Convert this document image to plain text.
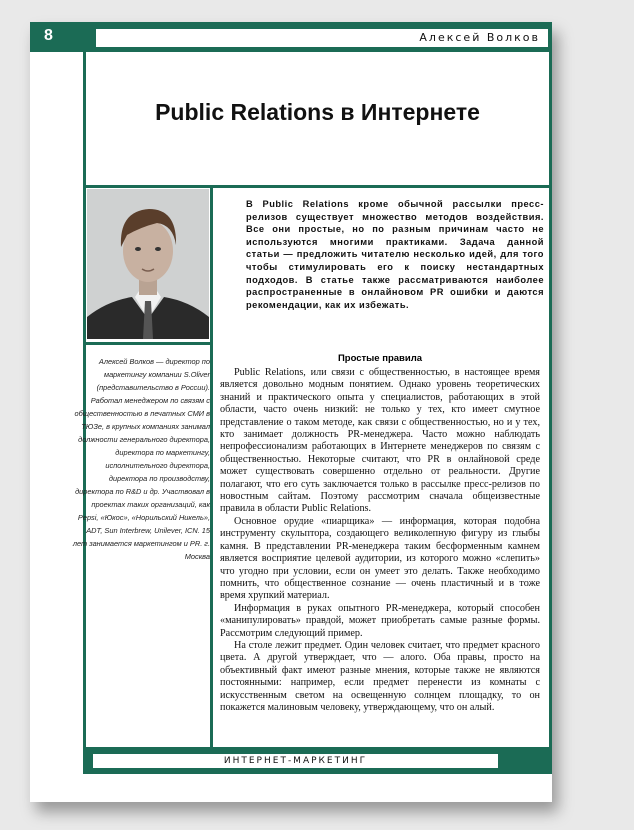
8	Алексей Волков
Public Relations в Интернете
В Public Relations кроме обычной рассылки пресс-релизов существует множество методов воздействия. Все они простые, но по разным причинам часто не используются многими практиками. Задача данной статьи — предложить читателю несколько идей, для того чтобы стимулировать его к поиску нестандартных подходов. В статье также рассматриваются наиболее распространенные в онлайновом PR ошибки и даются рекомендации, как их избежать.
Алексей Волков — директор по маркетингу компании S.Oliver (представительство в России). Работал менеджером по связям с общественностью в печатных СМИ в ТЮЗе, в крупных компаниях занимал должности генерального директора, директора по маркетингу, исполнительного директора, директора по производству, директора по R&D и др. Участвовал в проектах таких организаций, как Pepsi, «Юкос», «Норильский Никель», ADT, Sun Interbrew, Unilever, ICN. 15 лет занимается маркетингом и PR. г. Москва
Простые правила

Public Relations, или связи с общественностью, в настоящее время является довольно модным понятием. Однако уровень теоретических знаний и практического опыта у специалистов, работающих в этой области, часто очень низкий: не только у тех, кто имеет смутное представление о таком методе, как связи с общественностью, но и у тех, кто занимает должность PR-менеджера. Часто можно наблюдать непрофессионализм работающих в Интернете менеджеров по связям с общественностью. Некоторые считают, что PR в онлайновой среде может существовать совершенно отдельно от реальности. Другие полагают, что его суть заключается только в рассылке пресс-релизов по новостным сайтам. Поэтому рассмотрим сначала общеизвестные правила в области Public Relations.

Основное орудие «пиарщика» — информация, которая подобна инструменту скульптора, создающего великолепную фигуру из глыбы камня. В представлении PR-менеджера таким бесформенным камнем является восприятие целевой аудитории, из которого можно «слепить» что угодно при условии, если он умеет это делать. Также необходимо помнить, что общественное сознание — очень пластичный и в тоже время хрупкий материал.

Информация в руках опытного PR-менеджера, который способен «манипулировать» правдой, может приобретать самые разные формы. Рассмотрим следующий пример.

На столе лежит предмет. Один человек считает, что предмет красного цвета. А другой утверждает, что — алого. Оба правы, просто на объективный факт имеют разные мнения, которые также не являются постоянными: например, если предмет перенести из комнаты с искусственным светом на освещенную солнцем площадку, то он покажется малиновым человеку, утверждающему, что он алый.

ИНТЕРНЕТ-МАРКЕТИНГ
